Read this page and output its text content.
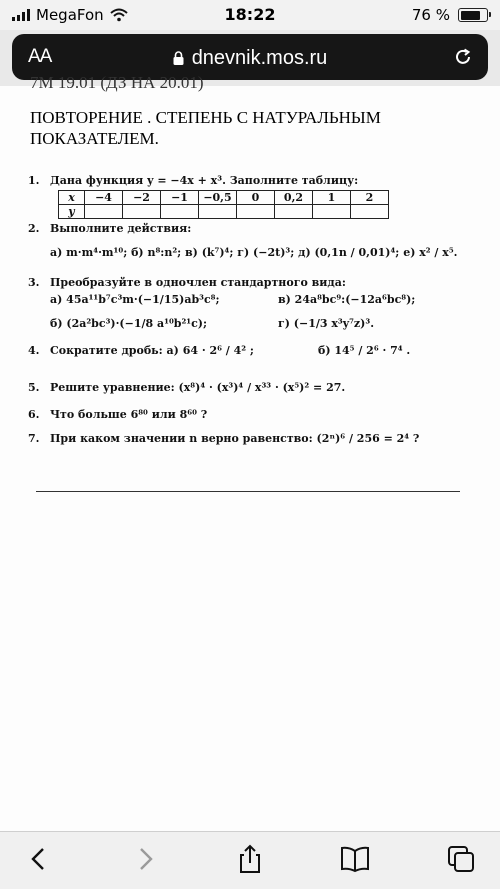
MegaFon	18:22	76 %
AA	dnevnik.mos.ru
7М 19.01 (ДЗ НА 20.01)
ПОВТОРЕНИЕ . СТЕПЕНЬ С НАТУРАЛЬНЫМ
ПОКАЗАТЕЛЕМ.
1. Дана функция y = −4x + x³. Заполните таблицу:
x	−4	−2	−1	−0,5	0	0,2	1	2
y								
2. Выполните действия:
а) m·m⁴·m¹⁰; б) n⁸:n²; в) (k⁷)⁴; г) (−2t)³; д) (0,1n / 0,01)⁴; е) x² / x⁵.
3. Преобразуйте в одночлен стандартного вида:
а) 45a¹¹b⁷c³m·(−1/15)ab³c⁸;	в) 24a⁸bc⁹:(−12a⁶bc⁸);
б) (2a²bc³)·(−1/8 a¹⁰b²¹c);	г) (−1/3 x³y⁷z)³.
4. Сократите дробь: а) 64 · 2⁶ / 4² ;	б) 14⁵ / 2⁶ · 7⁴ .
5. Решите уравнение: (x⁸)⁴ · (x³)⁴ / x³³ · (x⁵)² = 27.
6. Что больше 6⁸⁰ или 8⁶⁰ ?
7. При каком значении n верно равенство: (2ⁿ)⁶ / 256 = 2⁴ ?
